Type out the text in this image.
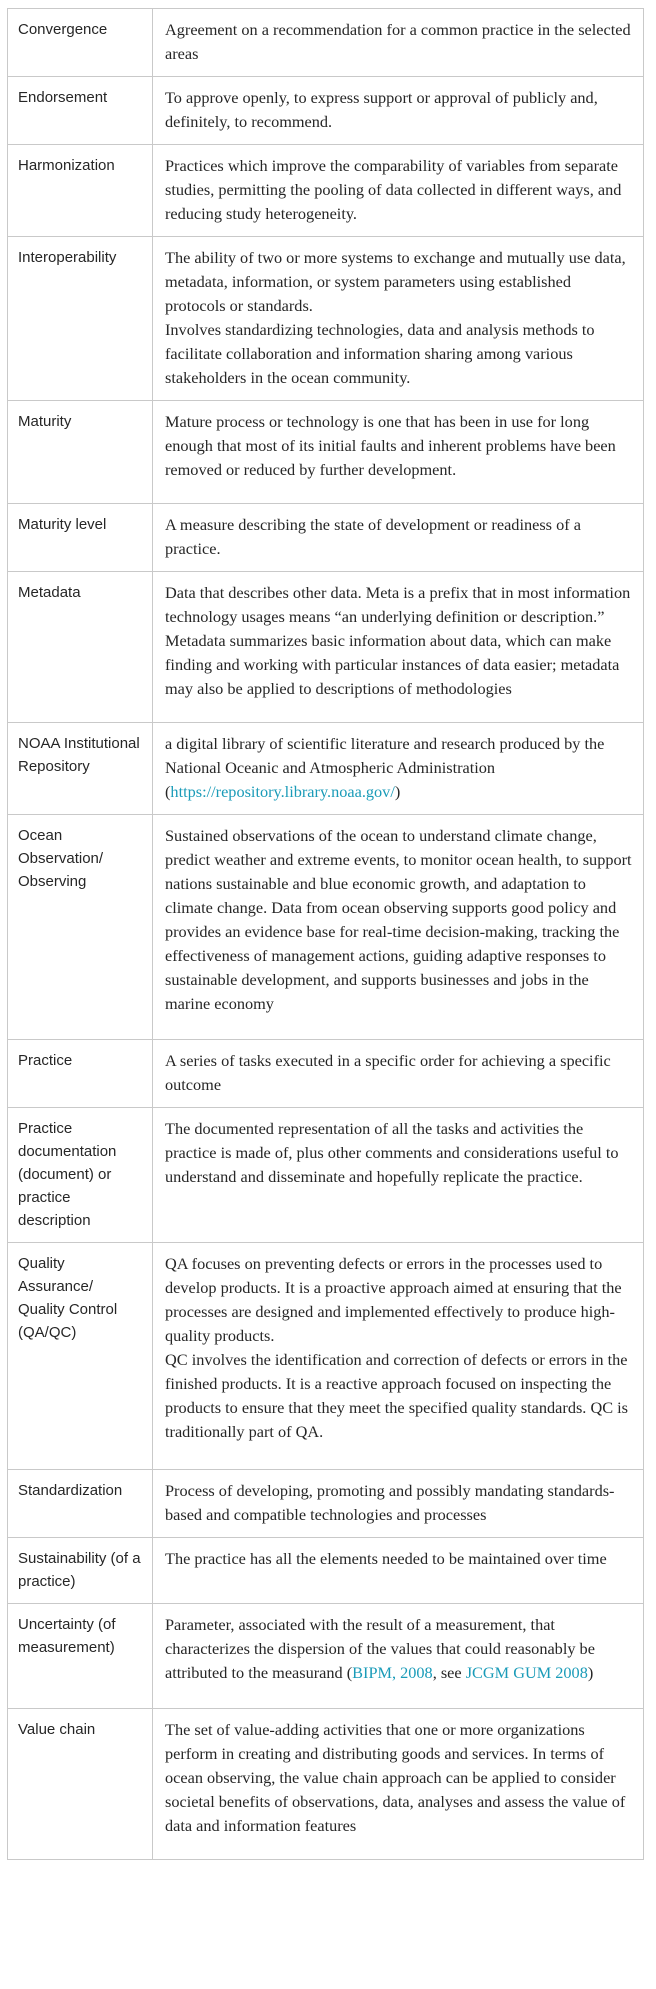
Convergence	Agreement on a recommendation for a common practice in the selected areas
Endorsement	To approve openly, to express support or approval of publicly and, definitely, to recommend.
Harmonization	Practices which improve the comparability of variables from separate studies, permitting the pooling of data collected in different ways, and reducing study heterogeneity.
Interoperability	The ability of two or more systems to exchange and mutually use data, metadata, information, or system parameters using established protocols or standards.
Involves standardizing technologies, data and analysis methods to facilitate collaboration and information sharing among various stakeholders in the ocean community.

Maturity	Mature process or technology is one that has been in use for long enough that most of its initial faults and inherent problems have been removed or reduced by further development.
Maturity level	A measure describing the state of development or readiness of a practice.
Metadata	Data that describes other data. Meta is a prefix that in most information technology usages means “an underlying definition or description.” Metadata summarizes basic information about data, which can make finding and working with particular instances of data easier; metadata may also be applied to descriptions of methodologies
NOAA Institutional Repository	a digital library of scientific literature and research produced by the National Oceanic and Atmospheric Administration (https://repository.library.noaa.gov/)
Ocean Observation/ Observing	Sustained observations of the ocean to understand climate change, predict weather and extreme events, to monitor ocean health, to support nations sustainable and blue economic growth, and adaptation to climate change. Data from ocean observing supports good policy and provides an evidence base for real-time decision-making, tracking the effectiveness of management actions, guiding adaptive responses to sustainable development, and supports businesses and jobs in the marine economy
Practice	A series of tasks executed in a specific order for achieving a specific outcome
Practice documentation (document) or practice description	The documented representation of all the tasks and activities the practice is made of, plus other comments and considerations useful to understand and disseminate and hopefully replicate the practice.
Quality Assurance/ Quality Control (QA/QC)	QA focuses on preventing defects or errors in the processes used to develop products. It is a proactive approach aimed at ensuring that the processes are designed and implemented effectively to produce high-quality products.
QC involves the identification and correction of defects or errors in the finished products. It is a reactive approach focused on inspecting the products to ensure that they meet the specified quality standards. QC is traditionally part of QA.

Standardization	Process of developing, promoting and possibly mandating standards-based and compatible technologies and processes
Sustainability (of a practice)	The practice has all the elements needed to be maintained over time
Uncertainty (of measurement)	Parameter, associated with the result of a measurement, that characterizes the dispersion of the values that could reasonably be attributed to the measurand (BIPM, 2008, see JCGM GUM 2008)
Value chain	The set of value-adding activities that one or more organizations perform in creating and distributing goods and services. In terms of ocean observing, the value chain approach can be applied to consider societal benefits of observations, data, analyses and assess the value of data and information features
